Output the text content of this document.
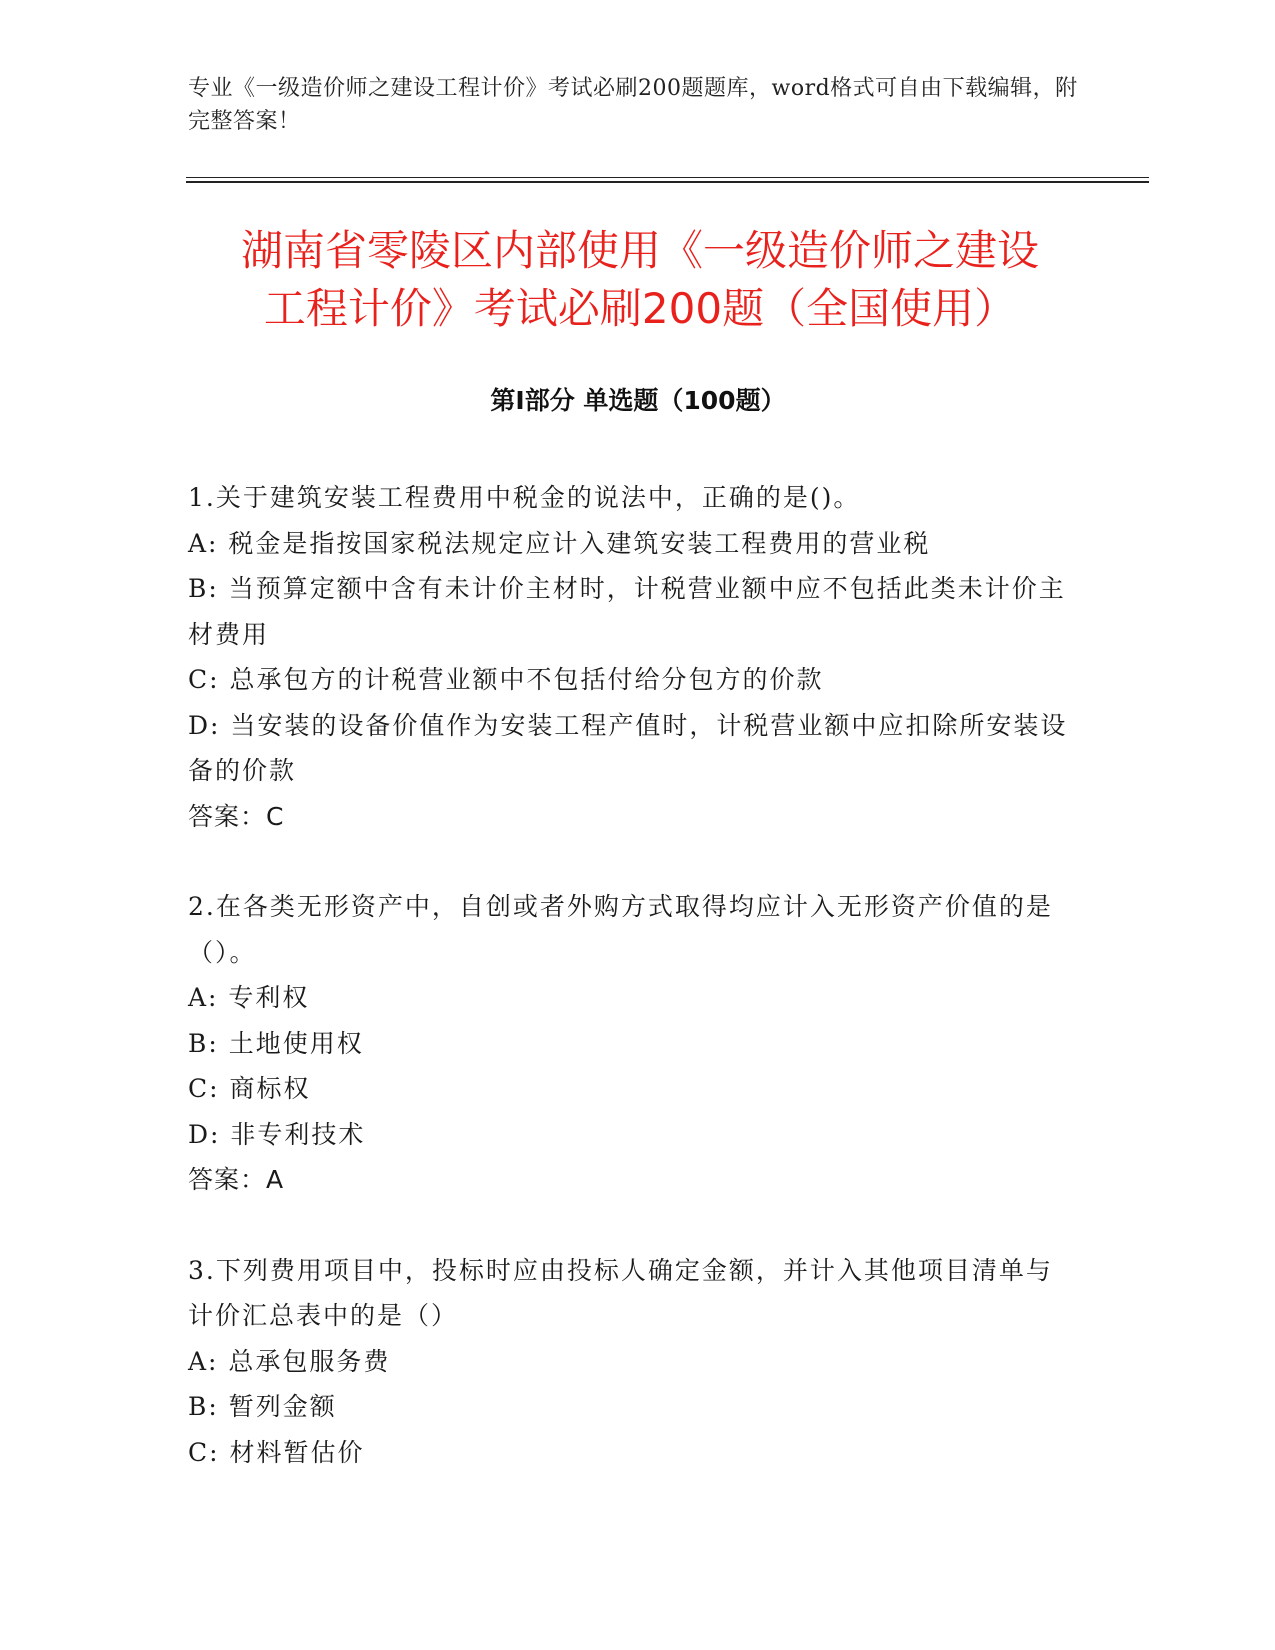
专业《一级造价师之建设工程计价》考试必刷200题题库，word格式可自由下载编辑，附完整答案！
湖南省零陵区内部使用《一级造价师之建设
工程计价》考试必刷200题（全国使用）
第Ⅰ部分 单选题（100题）

1.关于建筑安装工程费用中税金的说法中，正确的是()。

A: 税金是指按国家税法规定应计入建筑安装工程费用的营业税

B: 当预算定额中含有未计价主材时，计税营业额中应不包括此类未计价主材费用

C: 总承包方的计税营业额中不包括付给分包方的价款

D: 当安装的设备价值作为安装工程产值时，计税营业额中应扣除所安装设备的价款

答案：C

2.在各类无形资产中，自创或者外购方式取得均应计入无形资产价值的是（）。

A: 专利权

B: 土地使用权

C: 商标权

D: 非专利技术

答案：A

3.下列费用项目中，投标时应由投标人确定金额，并计入其他项目清单与计价汇总表中的是（）

A: 总承包服务费

B: 暂列金额

C: 材料暂估价
